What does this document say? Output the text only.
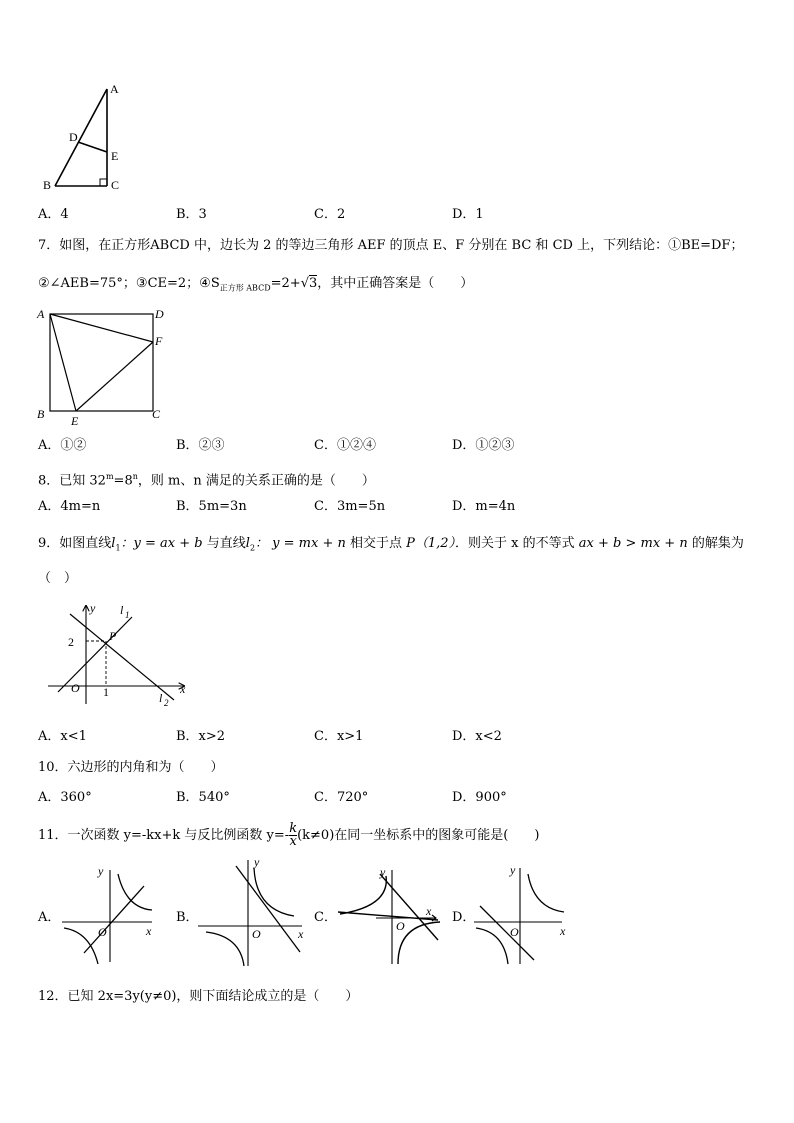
A
D
E
B	C
A．4	B．3	C．2	D．1
7．如图，在正方形ABCD 中，边长为 2 的等边三角形 AEF 的顶点 E、F 分别在 BC 和 CD 上，下列结论：①BE=DF；
②∠AEB=75°；③CE=2；$④S_{正方形 ABCD}=2+√3$，其中正确答案是（　　）
A	D
F
B	C
E
A．①②	B．②③	C．①②④	D．①②③
8．已知 $32^m=8^n$，则 m、n 满足的关系正确的是（　　）
A．4m=n	B．5m=3n	C．3m=5n	D．m=4n
9．如图直线$l_1$：y = ax + b 与直线$l_2$： y = mx + n 相交于点 P（1,2）．则关于 x 的不等式 ax + b > mx + n 的解集为
（　）
y l 1
P
2
O 1	x
l 2
A．x<1	B．x>2	C．x>1	D．x<2
10．六边形的内角和为（　　）
A．360°	B．540°	C．720°	D．900°
11．一次函数 y=-kx+k 与反比例函数 $y=- \frac{k}{x} (k\ne 0)$在同一坐标系中的图象可能是(　　)
A．
y
O	x
B．
y
O	x
C．
y
O
x D．
y
O	x
12．已知 2x=3y(y≠0)，则下面结论成立的是（　　）
